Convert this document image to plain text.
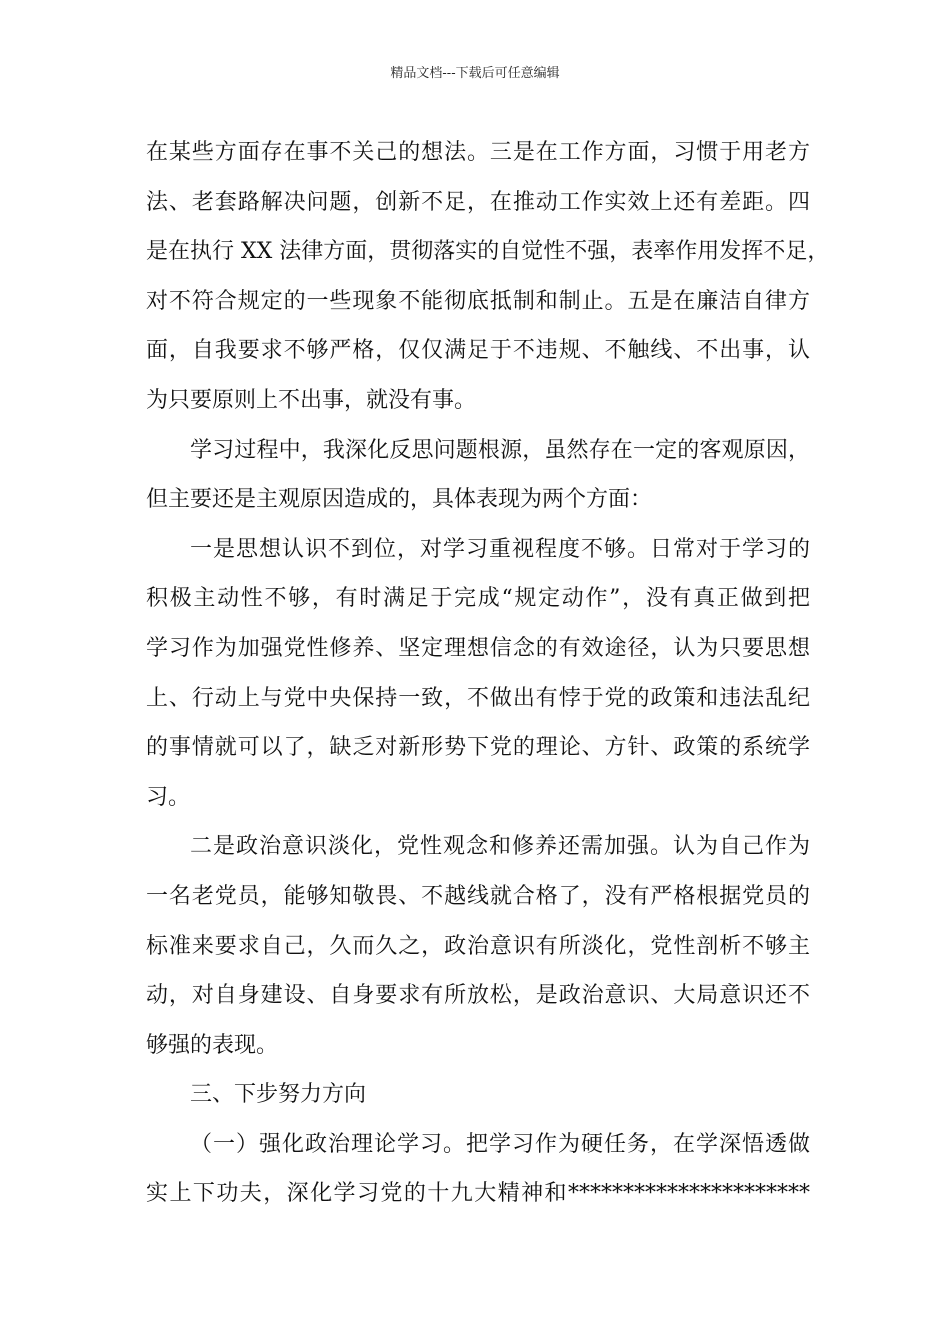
精品文档---下载后可任意编辑
在某些方面存在事不关己的想法。三是在工作方面，习惯于用老方
法、老套路解决问题，创新不足，在推动工作实效上还有差距。四
是在执行 XX 法律方面，贯彻落实的自觉性不强，表率作用发挥不足，
对不符合规定的一些现象不能彻底抵制和制止。五是在廉洁自律方
面，自我要求不够严格，仅仅满足于不违规、不触线、不出事，认
为只要原则上不出事，就没有事。
学习过程中，我深化反思问题根源，虽然存在一定的客观原因，
但主要还是主观原因造成的，具体表现为两个方面：
一是思想认识不到位，对学习重视程度不够。日常对于学习的
积极主动性不够，有时满足于完成“规定动作”，没有真正做到把
学习作为加强党性修养、坚定理想信念的有效途径，认为只要思想
上、行动上与党中央保持一致，不做出有悖于党的政策和违法乱纪
的事情就可以了，缺乏对新形势下党的理论、方针、政策的系统学
习。
二是政治意识淡化，党性观念和修养还需加强。认为自己作为
一名老党员，能够知敬畏、不越线就合格了，没有严格根据党员的
标准来要求自己，久而久之，政治意识有所淡化，党性剖析不够主
动，对自身建设、自身要求有所放松，是政治意识、大局意识还不
够强的表现。
三、下步努力方向
（一）强化政治理论学习。把学习作为硬任务，在学深悟透做
实上下功夫，深化学习党的十九大精神和**********************
